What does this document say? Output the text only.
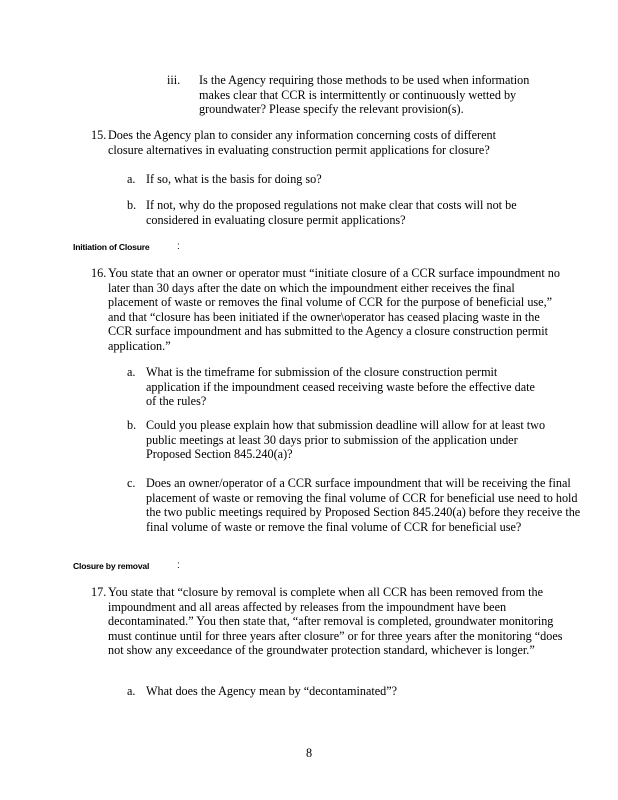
iii. Is the Agency requiring those methods to be used when information makes clear that CCR is intermittently or continuously wetted by groundwater? Please specify the relevant provision(s).
15. Does the Agency plan to consider any information concerning costs of different closure alternatives in evaluating construction permit applications for closure?
a. If so, what is the basis for doing so?
b. If not, why do the proposed regulations not make clear that costs will not be considered in evaluating closure permit applications?
Initiation of Closure	:
16. You state that an owner or operator must “initiate closure of a CCR surface impoundment no later than 30 days after the date on which the impoundment either receives the final placement of waste or removes the final volume of CCR for the purpose of beneficial use,” and that “closure has been initiated if the owner\operator has ceased placing waste in the CCR surface impoundment and has submitted to the Agency a closure construction permit application.”
a. What is the timeframe for submission of the closure construction permit application if the impoundment ceased receiving waste before the effective date of the rules?
b. Could you please explain how that submission deadline will allow for at least two public meetings at least 30 days prior to submission of the application under Proposed Section 845.240(a)?
c. Does an owner/operator of a CCR surface impoundment that will be receiving the final placement of waste or removing the final volume of CCR for beneficial use need to hold the two public meetings required by Proposed Section 845.240(a) before they receive the final volume of waste or remove the final volume of CCR for beneficial use?
Closure by removal	:
17. You state that “closure by removal is complete when all CCR has been removed from the impoundment and all areas affected by releases from the impoundment have been decontaminated.” You then state that, “after removal is completed, groundwater monitoring must continue until for three years after closure” or for three years after the monitoring “does not show any exceedance of the groundwater protection standard, whichever is longer.”
a. What does the Agency mean by “decontaminated”?
8
